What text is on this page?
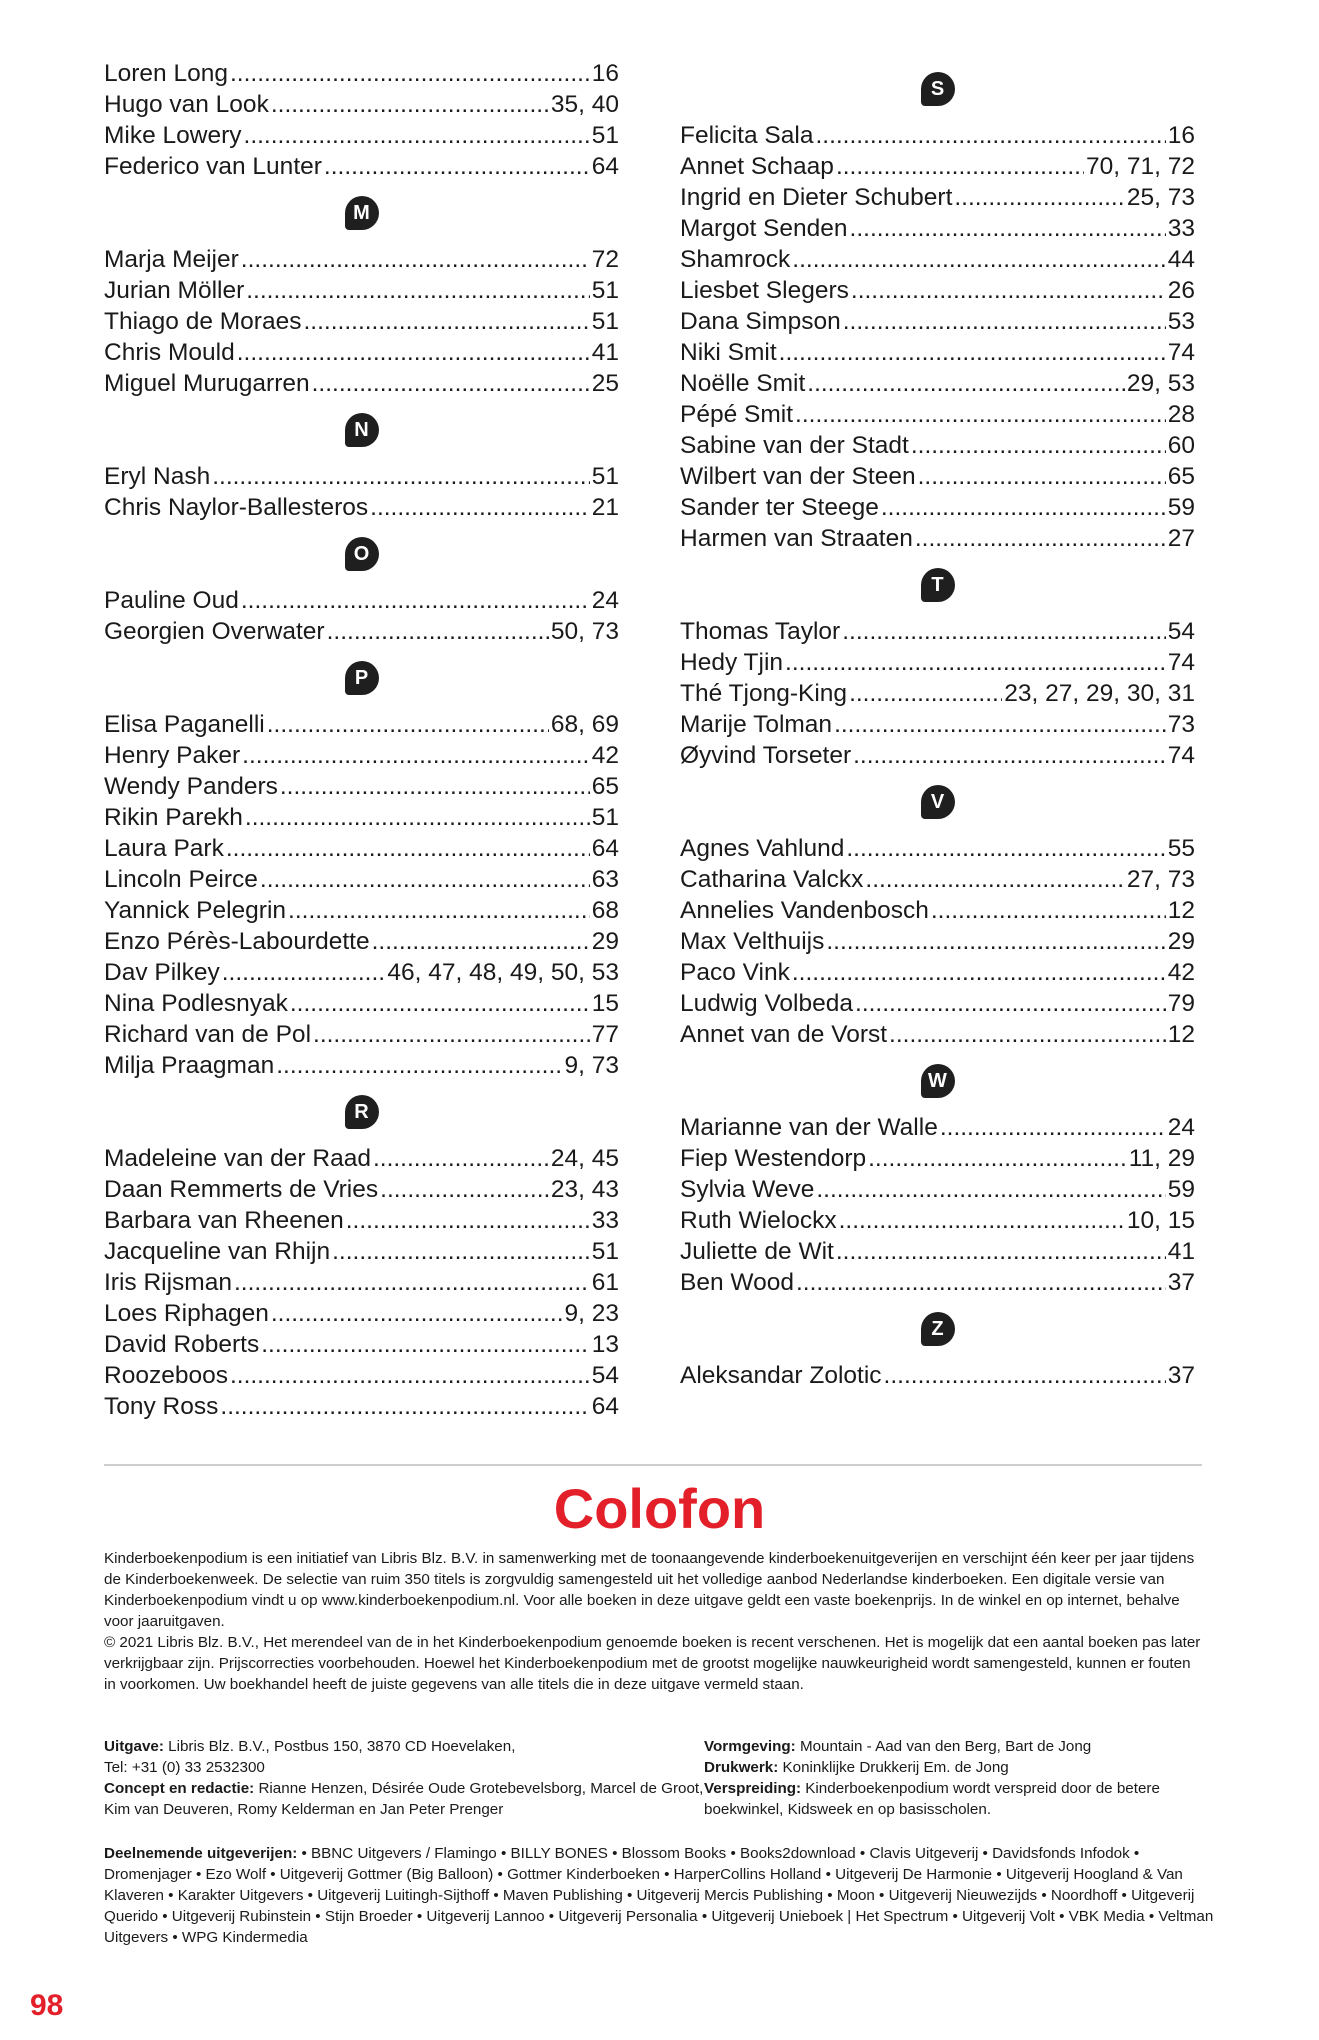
Loren Long .....	16
Hugo van Look .....	35, 40
Mike Lowery .....	51
Federico van Lunter .....	64
M
Marja Meijer .....	72
Jurian Möller .....	51
Thiago de Moraes .....	51
Chris Mould .....	41
Miguel Murugarren .....	25
N
Eryl Nash .....	51
Chris Naylor-Ballesteros .....	21
O
Pauline Oud .....	24
Georgien Overwater .....	50, 73
P
Elisa Paganelli .....	68, 69
Henry Paker .....	42
Wendy Panders .....	65
Rikin Parekh .....	51
Laura Park .....	64
Lincoln Peirce .....	63
Yannick Pelegrin .....	68
Enzo Pérès-Labourdette .....	29
Dav Pilkey .....	46, 47, 48, 49, 50, 53
Nina Podlesnyak .....	15
Richard van de Pol .....	77
Milja Praagman .....	9, 73
R
Madeleine van der Raad .....	24, 45
Daan Remmerts de Vries .....	23, 43
Barbara van Rheenen .....	33
Jacqueline van Rhijn .....	51
Iris Rijsman .....	61
Loes Riphagen .....	9, 23
David Roberts .....	13
Roozeboos .....	54
Tony Ross .....	64
S
Felicita Sala .....	16
Annet Schaap .....	70, 71, 72
Ingrid en Dieter Schubert .....	25, 73
Margot Senden .....	33
Shamrock .....	44
Liesbet Slegers .....	26
Dana Simpson .....	53
Niki Smit .....	74
Noëlle Smit .....	29, 53
Pépé Smit .....	28
Sabine van der Stadt .....	60
Wilbert van der Steen .....	65
Sander ter Steege .....	59
Harmen van Straaten .....	27
T
Thomas Taylor .....	54
Hedy Tjin .....	74
Thé Tjong-King .....	23, 27, 29, 30, 31
Marije Tolman .....	73
Øyvind Torseter .....	74
V
Agnes Vahlund .....	55
Catharina Valckx .....	27, 73
Annelies Vandenbosch .....	12
Max Velthuijs .....	29
Paco Vink .....	42
Ludwig Volbeda .....	79
Annet van de Vorst .....	12
W
Marianne van der Walle .....	24
Fiep Westendorp .....	11, 29
Sylvia Weve .....	59
Ruth Wielockx .....	10, 15
Juliette de Wit .....	41
Ben Wood .....	37
Z
Aleksandar Zolotic .....	37
Colofon

Kinderboekenpodium is een initiatief van Libris Blz. B.V. in samenwerking met de toonaangevende kinderboekenuitgeverijen en verschijnt één keer per jaar tijdens de Kinderboekenweek. De selectie van ruim 350 titels is zorgvuldig samengesteld uit het volledige aanbod Nederlandse kinderboeken. Een digitale versie van Kinderboekenpodium vindt u op www.kinderboekenpodium.nl. Voor alle boeken in deze uitgave geldt een vaste boekenprijs. In de winkel en op internet, behalve voor jaaruitgaven.

© 2021 Libris Blz. B.V., Het merendeel van de in het Kinderboekenpodium genoemde boeken is recent verschenen. Het is mogelijk dat een aantal boeken pas later verkrijgbaar zijn. Prijscorrecties voorbehouden. Hoewel het Kinderboekenpodium met de grootst mogelijke nauwkeurigheid wordt samengesteld, kunnen er fouten in voorkomen. Uw boekhandel heeft de juiste gegevens van alle titels die in deze uitgave vermeld staan.

Uitgave: Libris Blz. B.V., Postbus 150, 3870 CD Hoevelaken,

Tel: +31 (0) 33 2532300

Concept en redactie: Rianne Henzen, Désirée Oude Grotebevelsborg, Marcel de Groot, Kim van Deuveren, Romy Kelderman en Jan Peter Prenger

Vormgeving: Mountain - Aad van den Berg, Bart de Jong

Drukwerk: Koninklijke Drukkerij Em. de Jong

Verspreiding: Kinderboekenpodium wordt verspreid door de betere boekwinkel, Kidsweek en op basisscholen.

Deelnemende uitgeverijen: • BBNC Uitgevers / Flamingo • BILLY BONES • Blossom Books • Books2download • Clavis Uitgeverij • Davidsfonds Infodok • Dromenjager • Ezo Wolf • Uitgeverij Gottmer (Big Balloon) • Gottmer Kinderboeken • HarperCollins Holland • Uitgeverij De Harmonie • Uitgeverij Hoogland & Van Klaveren • Karakter Uitgevers • Uitgeverij Luitingh-Sijthoff • Maven Publishing • Uitgeverij Mercis Publishing • Moon • Uitgeverij Nieuwezijds • Noordhoff • Uitgeverij Querido • Uitgeverij Rubinstein • Stijn Broeder • Uitgeverij Lannoo • Uitgeverij Personalia • Uitgeverij Unieboek | Het Spectrum • Uitgeverij Volt • VBK Media • Veltman Uitgevers • WPG Kindermedia
98
